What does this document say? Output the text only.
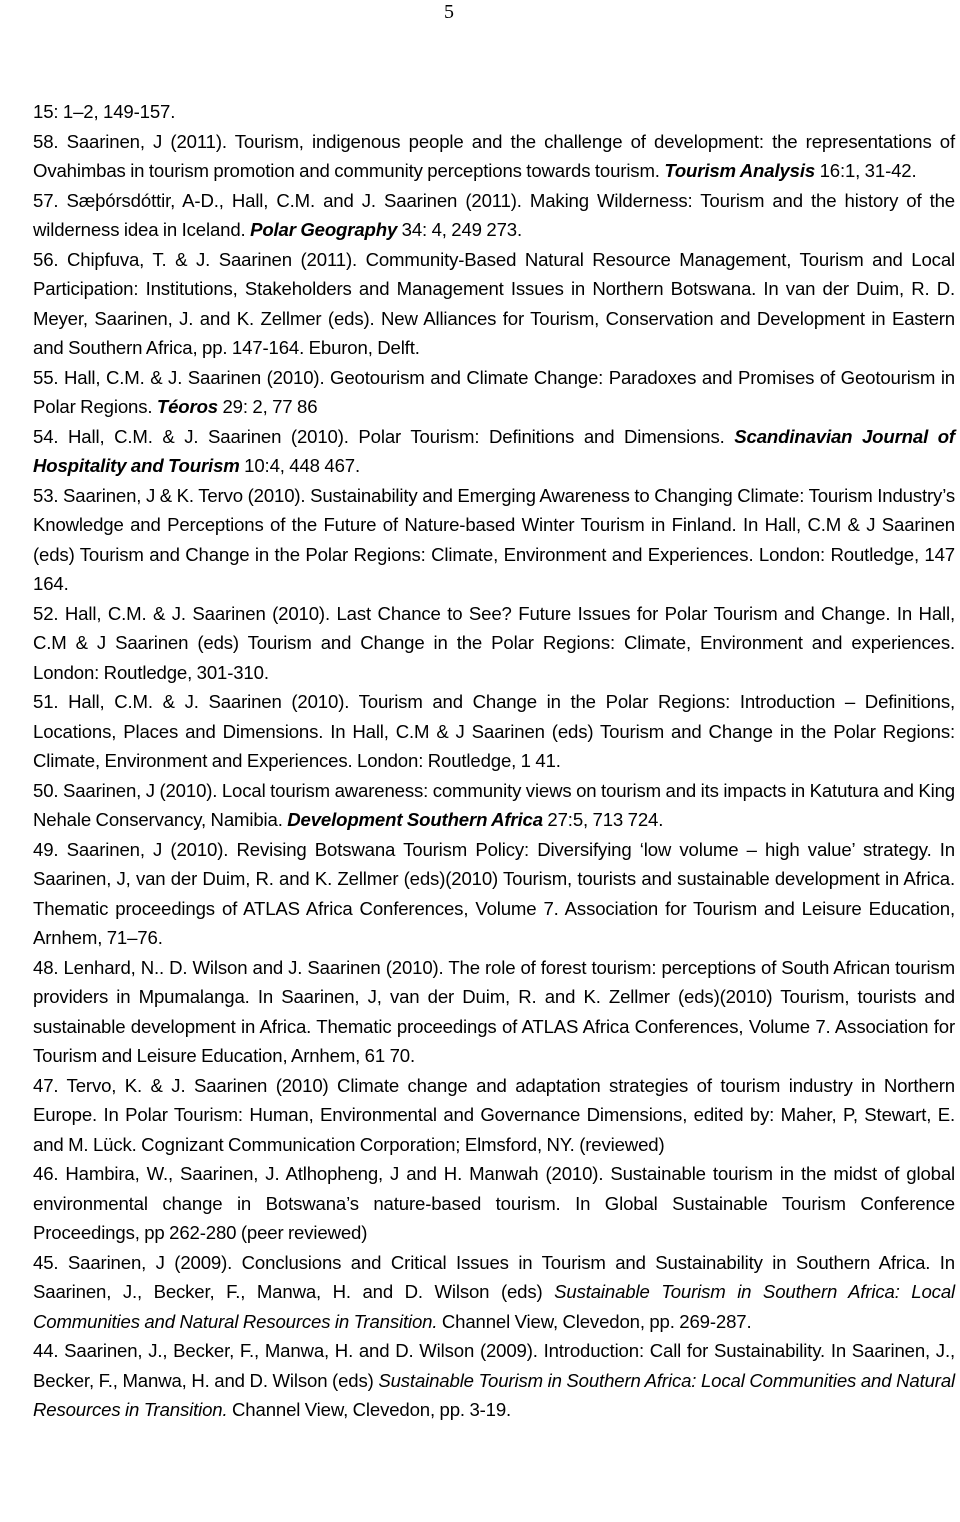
5

15: 1–2, 149-157.

58. Saarinen, J (2011). Tourism, indigenous people and the challenge of development: the representations of Ovahimbas in tourism promotion and community perceptions towards tourism. Tourism Analysis 16:1, 31-42.

57. Sæþórsdóttir, A-D., Hall, C.M. and J. Saarinen (2011). Making Wilderness: Tourism and the history of the wilderness idea in Iceland. Polar Geography 34: 4, 249 273.

56. Chipfuva, T. & J. Saarinen (2011). Community-Based Natural Resource Management, Tourism and Local Participation: Institutions, Stakeholders and Management Issues in Northern Botswana. In van der Duim, R. D. Meyer, Saarinen, J. and K. Zellmer (eds). New Alliances for Tourism, Conservation and Development in Eastern and Southern Africa, pp. 147-164. Eburon, Delft.

55. Hall, C.M. & J. Saarinen (2010). Geotourism and Climate Change: Paradoxes and Promises of Geotourism in Polar Regions. Téoros 29: 2, 77 86

54. Hall, C.M. & J. Saarinen (2010). Polar Tourism: Definitions and Dimensions. Scandinavian Journal of Hospitality and Tourism 10:4, 448 467.

53. Saarinen, J & K. Tervo (2010). Sustainability and Emerging Awareness to Changing Climate: Tourism Industry’s Knowledge and Perceptions of the Future of Nature-based Winter Tourism in Finland. In Hall, C.M & J Saarinen (eds) Tourism and Change in the Polar Regions: Climate, Environment and Experiences. London: Routledge, 147 164.

52. Hall, C.M. & J. Saarinen (2010). Last Chance to See? Future Issues for Polar Tourism and Change. In Hall, C.M & J Saarinen (eds) Tourism and Change in the Polar Regions: Climate, Environment and experiences. London: Routledge, 301-310.

51. Hall, C.M. & J. Saarinen (2010). Tourism and Change in the Polar Regions: Introduction – Definitions, Locations, Places and Dimensions. In Hall, C.M & J Saarinen (eds) Tourism and Change in the Polar Regions: Climate, Environment and Experiences. London: Routledge, 1 41.

50. Saarinen, J (2010). Local tourism awareness: community views on tourism and its impacts in Katutura and King Nehale Conservancy, Namibia. Development Southern Africa 27:5, 713 724.

49. Saarinen, J (2010). Revising Botswana Tourism Policy: Diversifying ‘low volume – high value’ strategy. In Saarinen, J, van der Duim, R. and K. Zellmer (eds)(2010) Tourism, tourists and sustainable development in Africa. Thematic proceedings of ATLAS Africa Conferences, Volume 7. Association for Tourism and Leisure Education, Arnhem, 71–76.

48. Lenhard, N.. D. Wilson and J. Saarinen (2010). The role of forest tourism: perceptions of South African tourism providers in Mpumalanga. In Saarinen, J, van der Duim, R. and K. Zellmer (eds)(2010) Tourism, tourists and sustainable development in Africa. Thematic proceedings of ATLAS Africa Conferences, Volume 7. Association for Tourism and Leisure Education, Arnhem, 61 70.

47. Tervo, K. & J. Saarinen (2010) Climate change and adaptation strategies of tourism industry in Northern Europe. In Polar Tourism: Human, Environmental and Governance Dimensions, edited by: Maher, P, Stewart, E. and M. Lück. Cognizant Communication Corporation; Elmsford, NY. (reviewed)

46. Hambira, W., Saarinen, J. Atlhopheng, J and H. Manwah (2010). Sustainable tourism in the midst of global environmental change in Botswana’s nature-based tourism. In Global Sustainable Tourism Conference Proceedings, pp 262-280 (peer reviewed)

45. Saarinen, J (2009). Conclusions and Critical Issues in Tourism and Sustainability in Southern Africa. In Saarinen, J., Becker, F., Manwa, H. and D. Wilson (eds) Sustainable Tourism in Southern Africa: Local Communities and Natural Resources in Transition. Channel View, Clevedon, pp. 269-287.

44. Saarinen, J., Becker, F., Manwa, H. and D. Wilson (2009). Introduction: Call for Sustainability. In Saarinen, J., Becker, F., Manwa, H. and D. Wilson (eds) Sustainable Tourism in Southern Africa: Local Communities and Natural Resources in Transition. Channel View, Clevedon, pp. 3-19.
